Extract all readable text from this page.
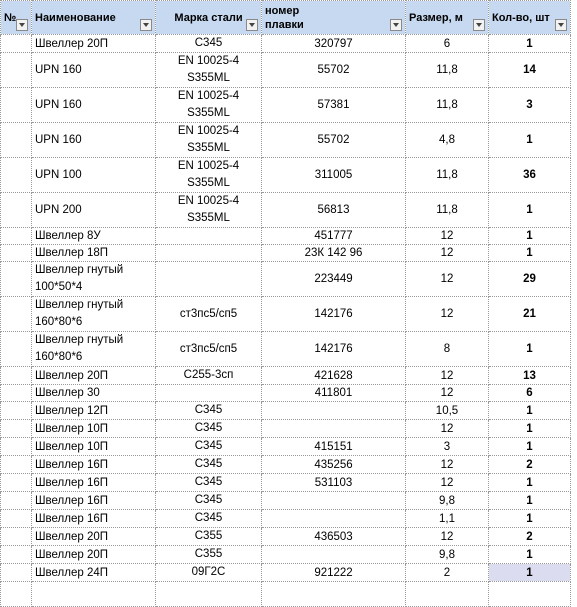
№	Наименование	Марка стали	номер
плавки	Размер, м	Кол-во, шт

	Швеллер 20П	С345	320797	6	1
	UPN 160	EN 10025-4
S355ML	55702	11,8	14
	UPN 160	EN 10025-4
S355ML	57381	11,8	3
	UPN 160	EN 10025-4
S355ML	55702	4,8	1
	UPN 100	EN 10025-4
S355ML	311005	11,8	36
	UPN 200	EN 10025-4
S355ML	56813	11,8	1
	Швеллер 8У		451777	12	1
	Швеллер 18П		23К 142 96	12	1
	Швеллер гнутый
100*50*4		223449	12	29
	Швеллер гнутый
160*80*6	ст3пс5/сп5	142176	12	21
	Швеллер гнутый
160*80*6	ст3пс5/сп5	142176	8	1
	Швеллер 20П	С255-3сп	421628	12	13
	Швеллер 30		411801	12	6
	Швеллер 12П	С345		10,5	1
	Швеллер 10П	С345		12	1
	Швеллер 10П	С345	415151	3	1
	Швеллер 16П	С345	435256	12	2
	Швеллер 16П	С345	531103	12	1
	Швеллер 16П	С345		9,8	1
	Швеллер 16П	С345		1,1	1
	Швеллер 20П	С355	436503	12	2
	Швеллер 20П	С355		9,8	1
	Швеллер 24П	09Г2С	921222	2	1
